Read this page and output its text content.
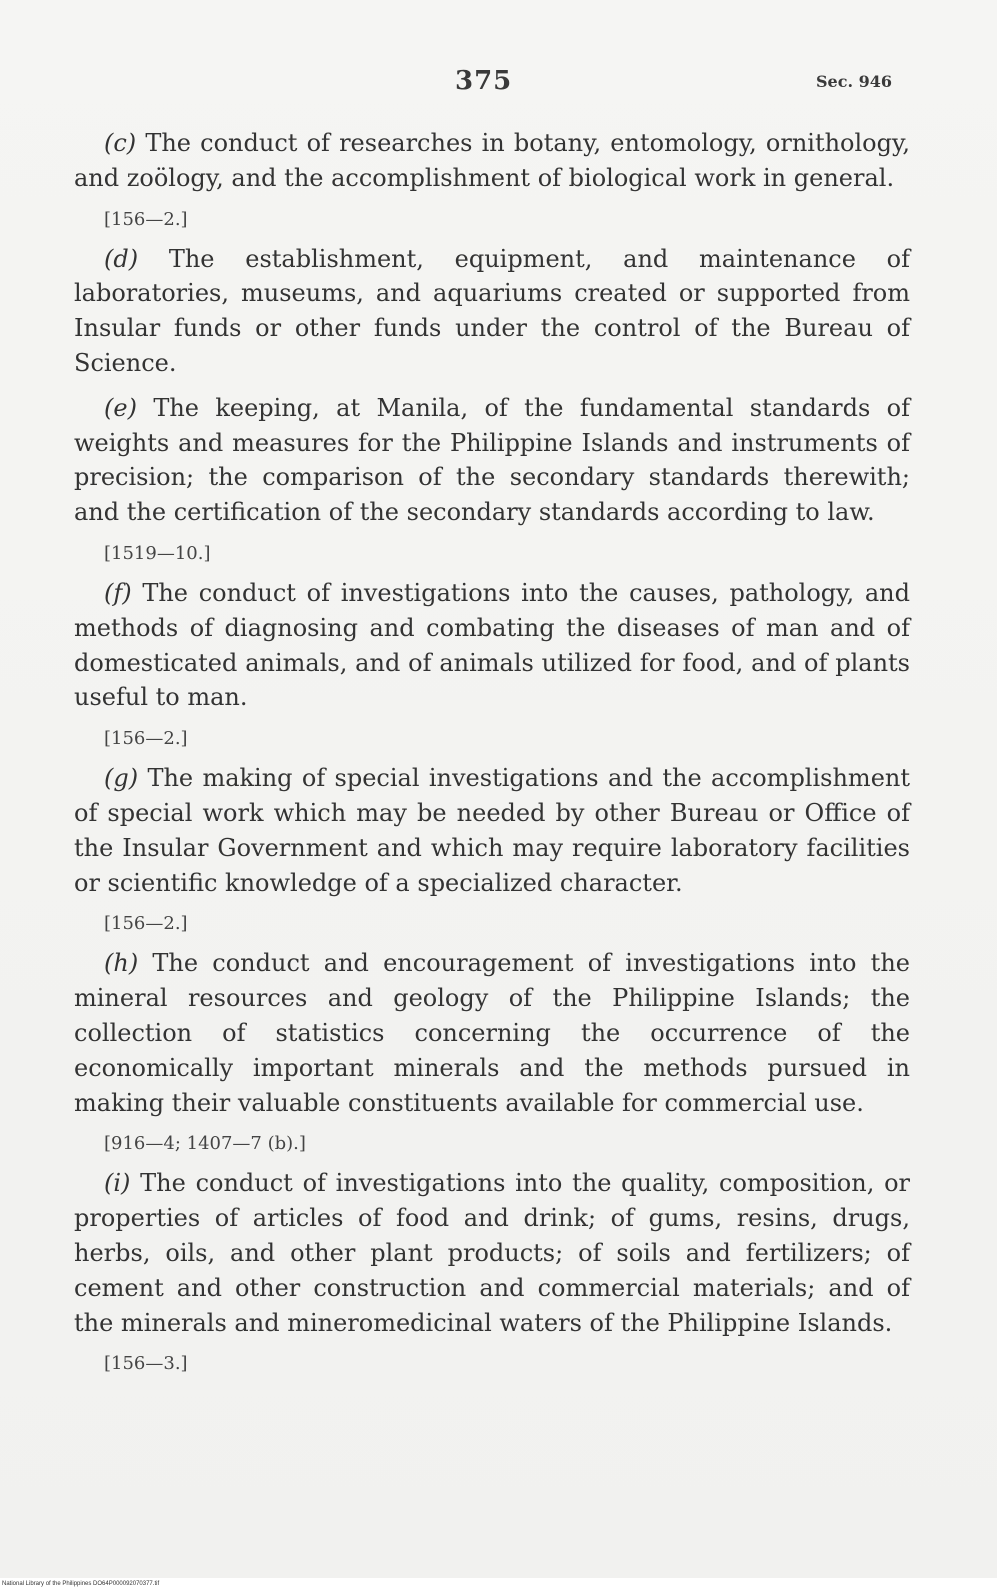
375	Sec. 946

(c) The conduct of researches in botany, entomology, ornithology, and zoölogy, and the accomplishment of biological work in general.

[156—2.]

(d) The establishment, equipment, and maintenance of laboratories, museums, and aquariums created or supported from Insular funds or other funds under the control of the Bureau of Science.

(e) The keeping, at Manila, of the fundamental standards of weights and measures for the Philippine Islands and instruments of precision; the comparison of the secondary standards therewith; and the certification of the secondary standards according to law.

[1519—10.]

(f) The conduct of investigations into the causes, pathology, and methods of diagnosing and combating the diseases of man and of domesticated animals, and of animals utilized for food, and of plants useful to man.

[156—2.]

(g) The making of special investigations and the accomplishment of special work which may be needed by other Bureau or Office of the Insular Government and which may require laboratory facilities or scientific knowledge of a specialized character.

[156—2.]

(h) The conduct and encouragement of investigations into the mineral resources and geology of the Philippine Islands; the collection of statistics concerning the occurrence of the economically important minerals and the methods pursued in making their valuable constituents available for commercial use.

[916—4; 1407—7 (b).]

(i) The conduct of investigations into the quality, composition, or properties of articles of food and drink; of gums, resins, drugs, herbs, oils, and other plant products; of soils and fertilizers; of cement and other construction and commercial materials; and of the minerals and mineromedicinal waters of the Philippine Islands.

[156—3.]

National Library of the Philippines DO64P000092070377.tif
